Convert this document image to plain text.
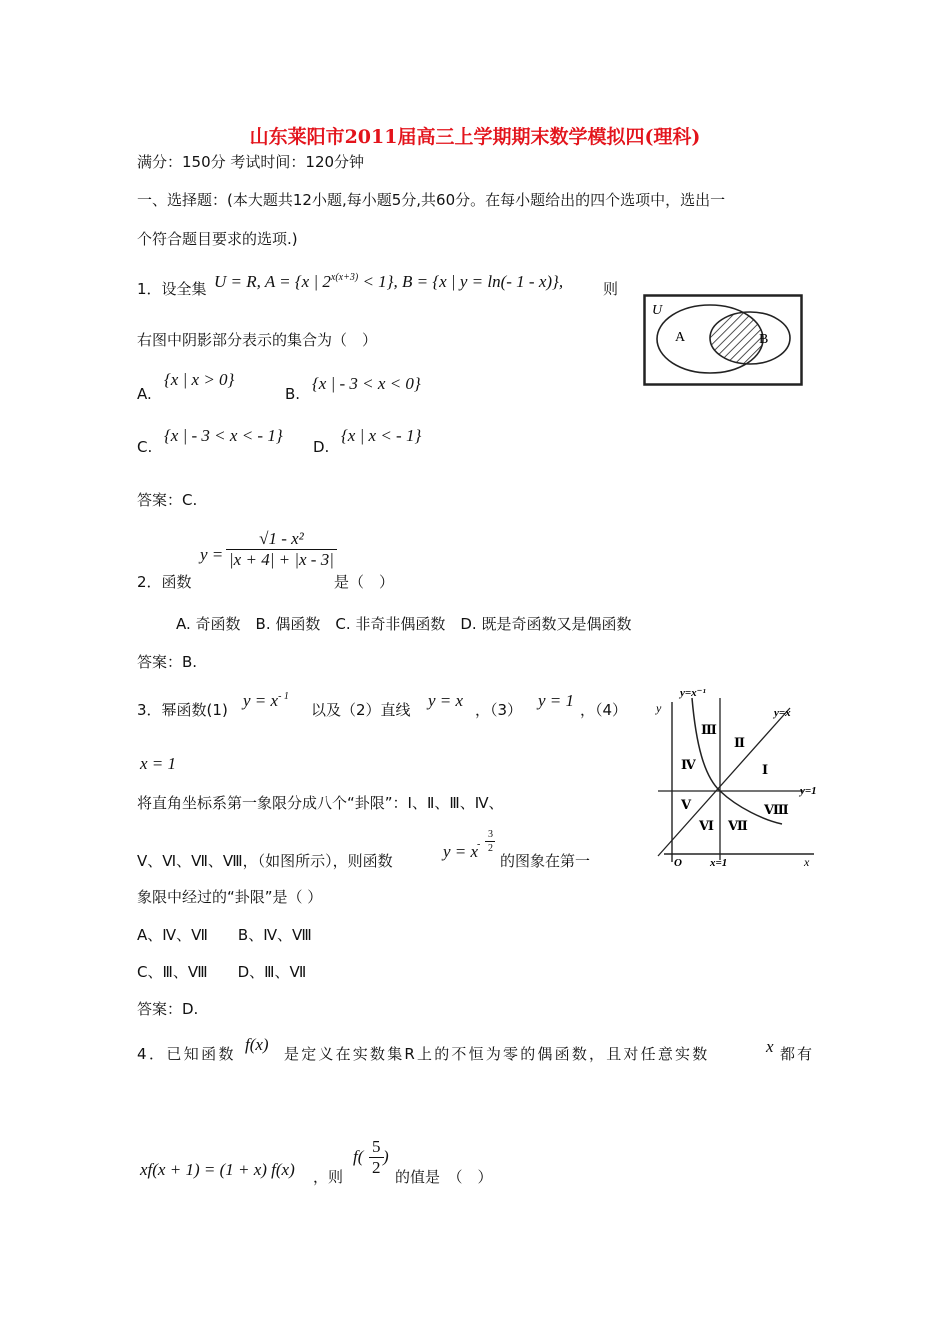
山东莱阳市2011届高三上学期期末数学模拟四(理科)
满分：150分 考试时间：120分钟
一、选择题：(本大题共12小题,每小题5分,共60分。在每小题给出的四个选项中，选出一
个符合题目要求的选项.)
1．设全集 U = R, A = {x | $2^{x(x+3)} < 1$}, B = {x | y = ln(- 1 - x)},	则
右图中阴影部分表示的集合为（　）
U
A	B
A.
{x | x > 0}
B.
{x | - 3 < x < 0}
C.
{x | - 3 < x < - 1}
D.
{x | x < - 1}
答案：C.
2．函数
$y = \frac{\text{√1 - x²}}{|x + 4| + |x - 3|}$
是（　）
A. 奇函数　B. 偶函数　C. 非奇非偶函数　D. 既是奇函数又是偶函数
答案：B.
3．幂函数(1) $y = x^{- 1}$
以及（2）直线 y = x ，（3） y = 1 ，（4）
x = 1
将直角坐标系第一象限分成八个“卦限”：Ⅰ、Ⅱ、Ⅲ、Ⅳ、
Ⅴ、Ⅵ、Ⅶ、Ⅷ，（如图所示），则函数	y = x
-
3
2
的图象在第一
象限中经过的“卦限”是（ ）
A、Ⅳ、Ⅶ　　B、Ⅳ、Ⅷ
C、Ⅲ、Ⅷ　　D、Ⅲ、Ⅶ
答案：D.
y=x⁻¹
y	y=x
y=1
O	x=1	x
Ⅰ
Ⅱ
Ⅲ
Ⅳ
Ⅴ
Ⅵ Ⅶ
Ⅷ
4．已知函数 f(x) 是定义在实数集R上的不恒为零的偶函数，且对任意实数	x 都有
xf(x + 1) = (1 + x) f(x) ，则
$f( \frac{5}{2}$ )
的值是　（　）
